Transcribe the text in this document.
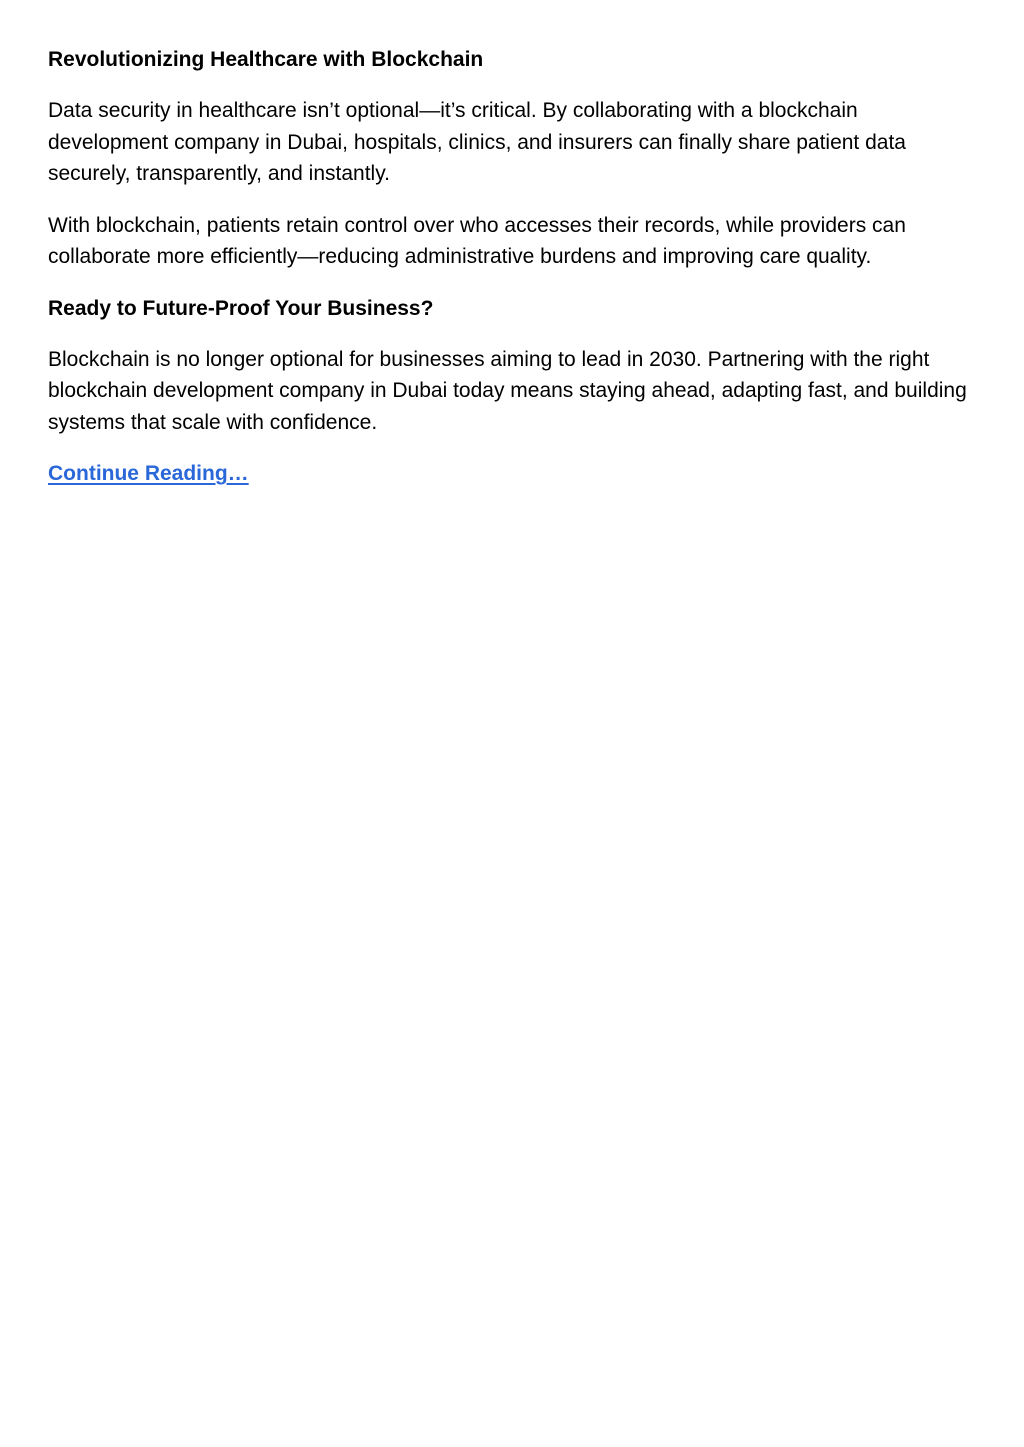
Revolutionizing Healthcare with Blockchain

Data security in healthcare isn’t optional—it’s critical. By collaborating with a blockchain development company in Dubai, hospitals, clinics, and insurers can finally share patient data securely, transparently, and instantly.

With blockchain, patients retain control over who accesses their records, while providers can collaborate more efficiently—reducing administrative burdens and improving care quality.

Ready to Future-Proof Your Business?

Blockchain is no longer optional for businesses aiming to lead in 2030. Partnering with the right blockchain development company in Dubai today means staying ahead, adapting fast, and building systems that scale with confidence.

Continue Reading…
